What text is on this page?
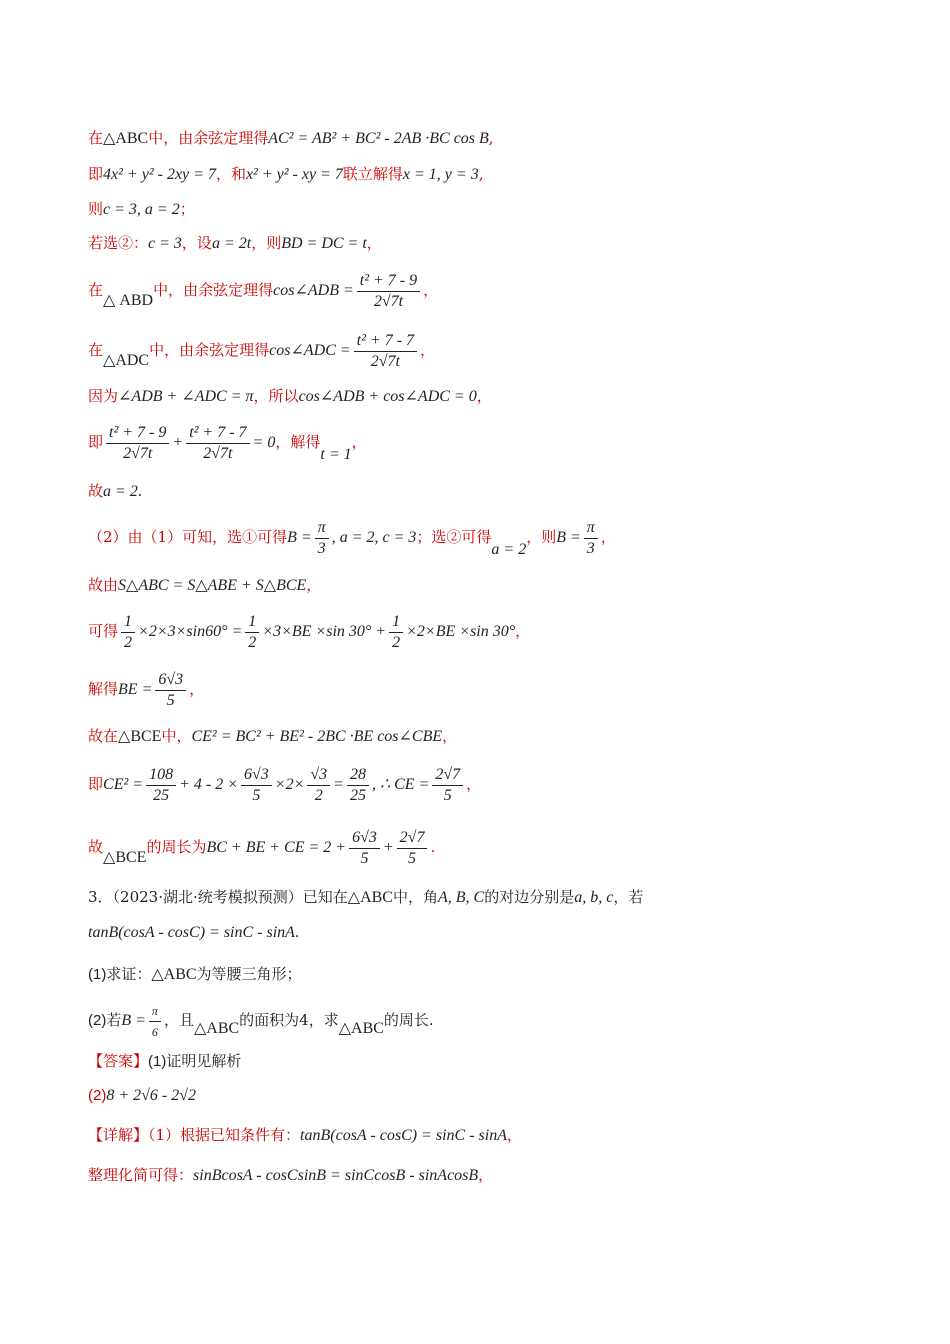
在△ABC中，由余弦定理得AC² = AB² + BC² - 2AB ·BC cos B,
即4x² + y² - 2xy = 7，和x² + y² - xy = 7联立解得x = 1, y = 3,
则c = 3, a = 2；
若选②：c = 3，设a = 2t，则BD = DC = t，
在△ ABD中，由余弦定理得cos∠ADB = $\frac{\text{t² + 7 - 9}}{2√7t}$ ，
在△ADC中，由余弦定理得cos∠ADC = $\frac{\text{t² + 7 - 7}}{2√7t}$ ，
因为∠ADB + ∠ADC = π，所以cos∠ADB + cos∠ADC = 0，
即 $\frac{\text{t² + 7 - 9}}{2√7t} + \frac{\text{t² + 7 - 7}}{2√7t} = 0$，解得t = 1，
故a = 2.
（2）由（1）可知，选①可得$B = \frac{\pi}{3}$ , a = 2, c = 3；选②可得a = 2，则$B = \frac{\pi}{3}$ ，
故由S△ABC = S△ABE + S△BCE，
可得 $\frac{1}{2} \times 2\times 3\times\sin 60^\circ = \frac{1}{2} \times 3\times BE \times\sin$ $30^\circ + \frac{1}{2} \times 2\times BE \times\sin$ 30°，
解得BE = $\frac{6√3}{5}$ ，
故在△BCE中，CE² = BC² + BE² - 2BC ·BE cos∠CBE，
即$CE^2 = \frac{108}{25} + 4 - 2 \times \frac{6√3}{5} \times 2\times \frac{√3}{2} = \frac{28}{25}$ , ∴ CE = $\frac{2√7}{5}$ ，
故△BCE的周长为BC + BE + CE = $2 + \frac{6√3}{5} + \frac{2√7}{5}$ .
3．（2023·湖北·统考模拟预测）已知在△ABC中，角A, B, C的对边分别是a, b, c，若
tanB(cosA - cosC) = sinC - sinA.
(1)求证：△ABC为等腰三角形；
(2)若$B = \frac{\pi}{6}$ ，且△ABC的面积为4，求△ABC的周长.
【答案】(1)证明见解析
(2)8 + 2√6 - 2√2
【详解】（1）根据已知条件有：tanB(cosA - cosC) = sinC - sinA，
整理化简可得：sinBcosA - cosCsinB = sinCcosB - sinAcosB，
